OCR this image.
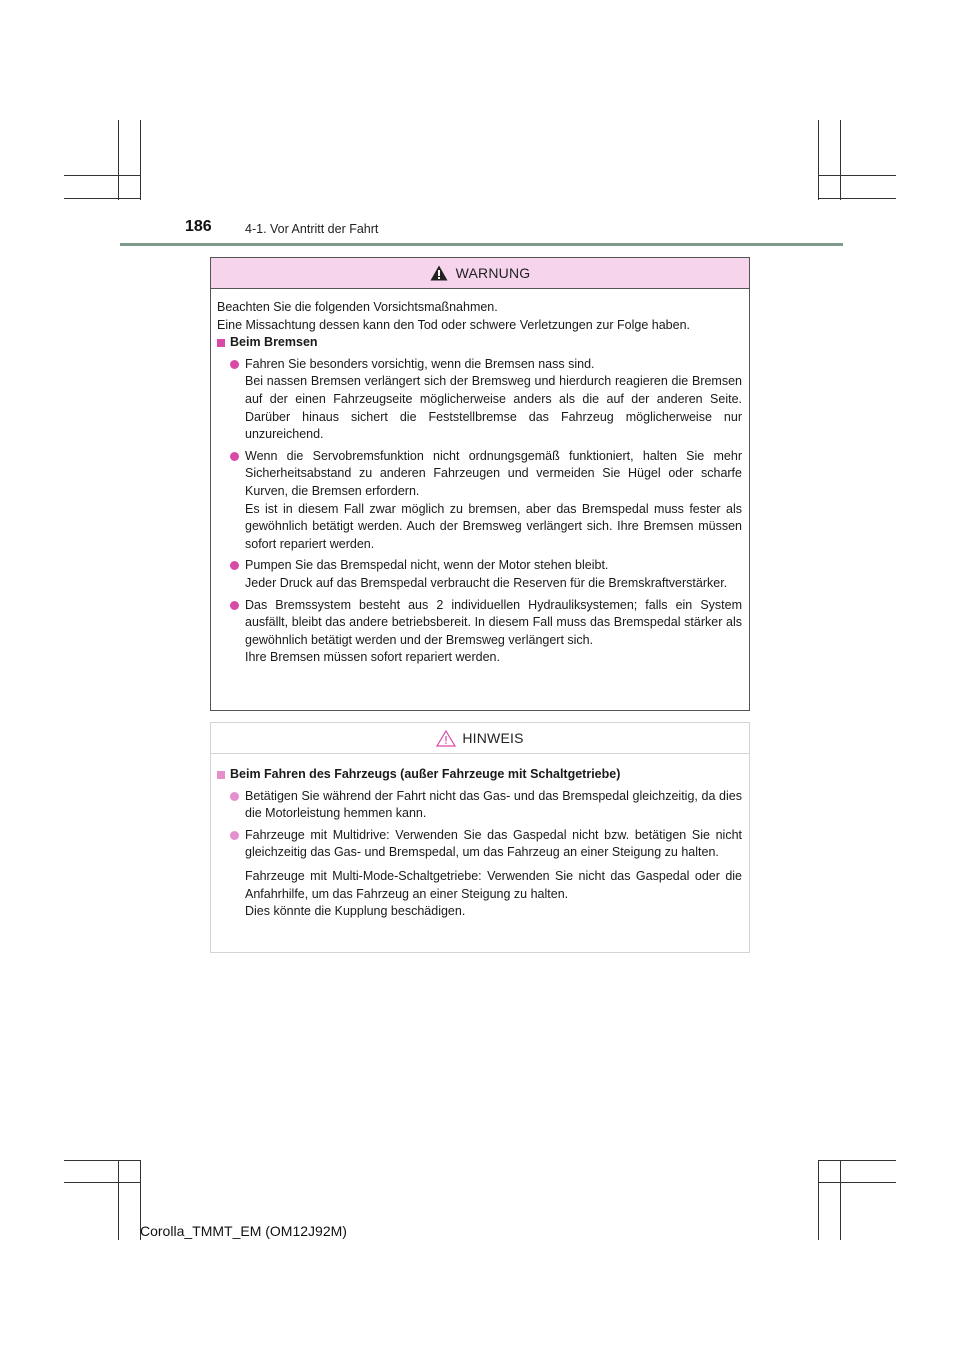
186	4-1. Vor Antritt der Fahrt
WARNUNG

Beachten Sie die folgenden Vorsichtsmaßnahmen.
Eine Missachtung dessen kann den Tod oder schwere Verletzungen zur Folge haben.

Beim Bremsen
Fahren Sie besonders vorsichtig, wenn die Bremsen nass sind.
Bei nassen Bremsen verlängert sich der Bremsweg und hierdurch reagieren die Bremsen auf der einen Fahrzeugseite möglicherweise anders als die auf der anderen Seite. Darüber hinaus sichert die Feststellbremse das Fahrzeug möglicherweise nur unzureichend.
Wenn die Servobremsfunktion nicht ordnungsgemäß funktioniert, halten Sie mehr Sicherheitsabstand zu anderen Fahrzeugen und vermeiden Sie Hügel oder scharfe Kurven, die Bremsen erfordern.
Es ist in diesem Fall zwar möglich zu bremsen, aber das Bremspedal muss fester als gewöhnlich betätigt werden. Auch der Bremsweg verlängert sich. Ihre Bremsen müssen sofort repariert werden.
Pumpen Sie das Bremspedal nicht, wenn der Motor stehen bleibt.
Jeder Druck auf das Bremspedal verbraucht die Reserven für die Bremskraftverstärker.
Das Bremssystem besteht aus 2 individuellen Hydrauliksystemen; falls ein System ausfällt, bleibt das andere betriebsbereit. In diesem Fall muss das Bremspedal stärker als gewöhnlich betätigt werden und der Bremsweg verlängert sich.
Ihre Bremsen müssen sofort repariert werden.
HINWEIS
Beim Fahren des Fahrzeugs (außer Fahrzeuge mit Schaltgetriebe)
Betätigen Sie während der Fahrt nicht das Gas- und das Bremspedal gleichzeitig, da dies die Motorleistung hemmen kann.
Fahrzeuge mit Multidrive: Verwenden Sie das Gaspedal nicht bzw. betätigen Sie nicht gleichzeitig das Gas- und Bremspedal, um das Fahrzeug an einer Steigung zu halten.

Fahrzeuge mit Multi-Mode-Schaltgetriebe: Verwenden Sie nicht das Gaspedal oder die Anfahrhilfe, um das Fahrzeug an einer Steigung zu halten.
Dies könnte die Kupplung beschädigen.

Corolla_TMMT_EM (OM12J92M)
